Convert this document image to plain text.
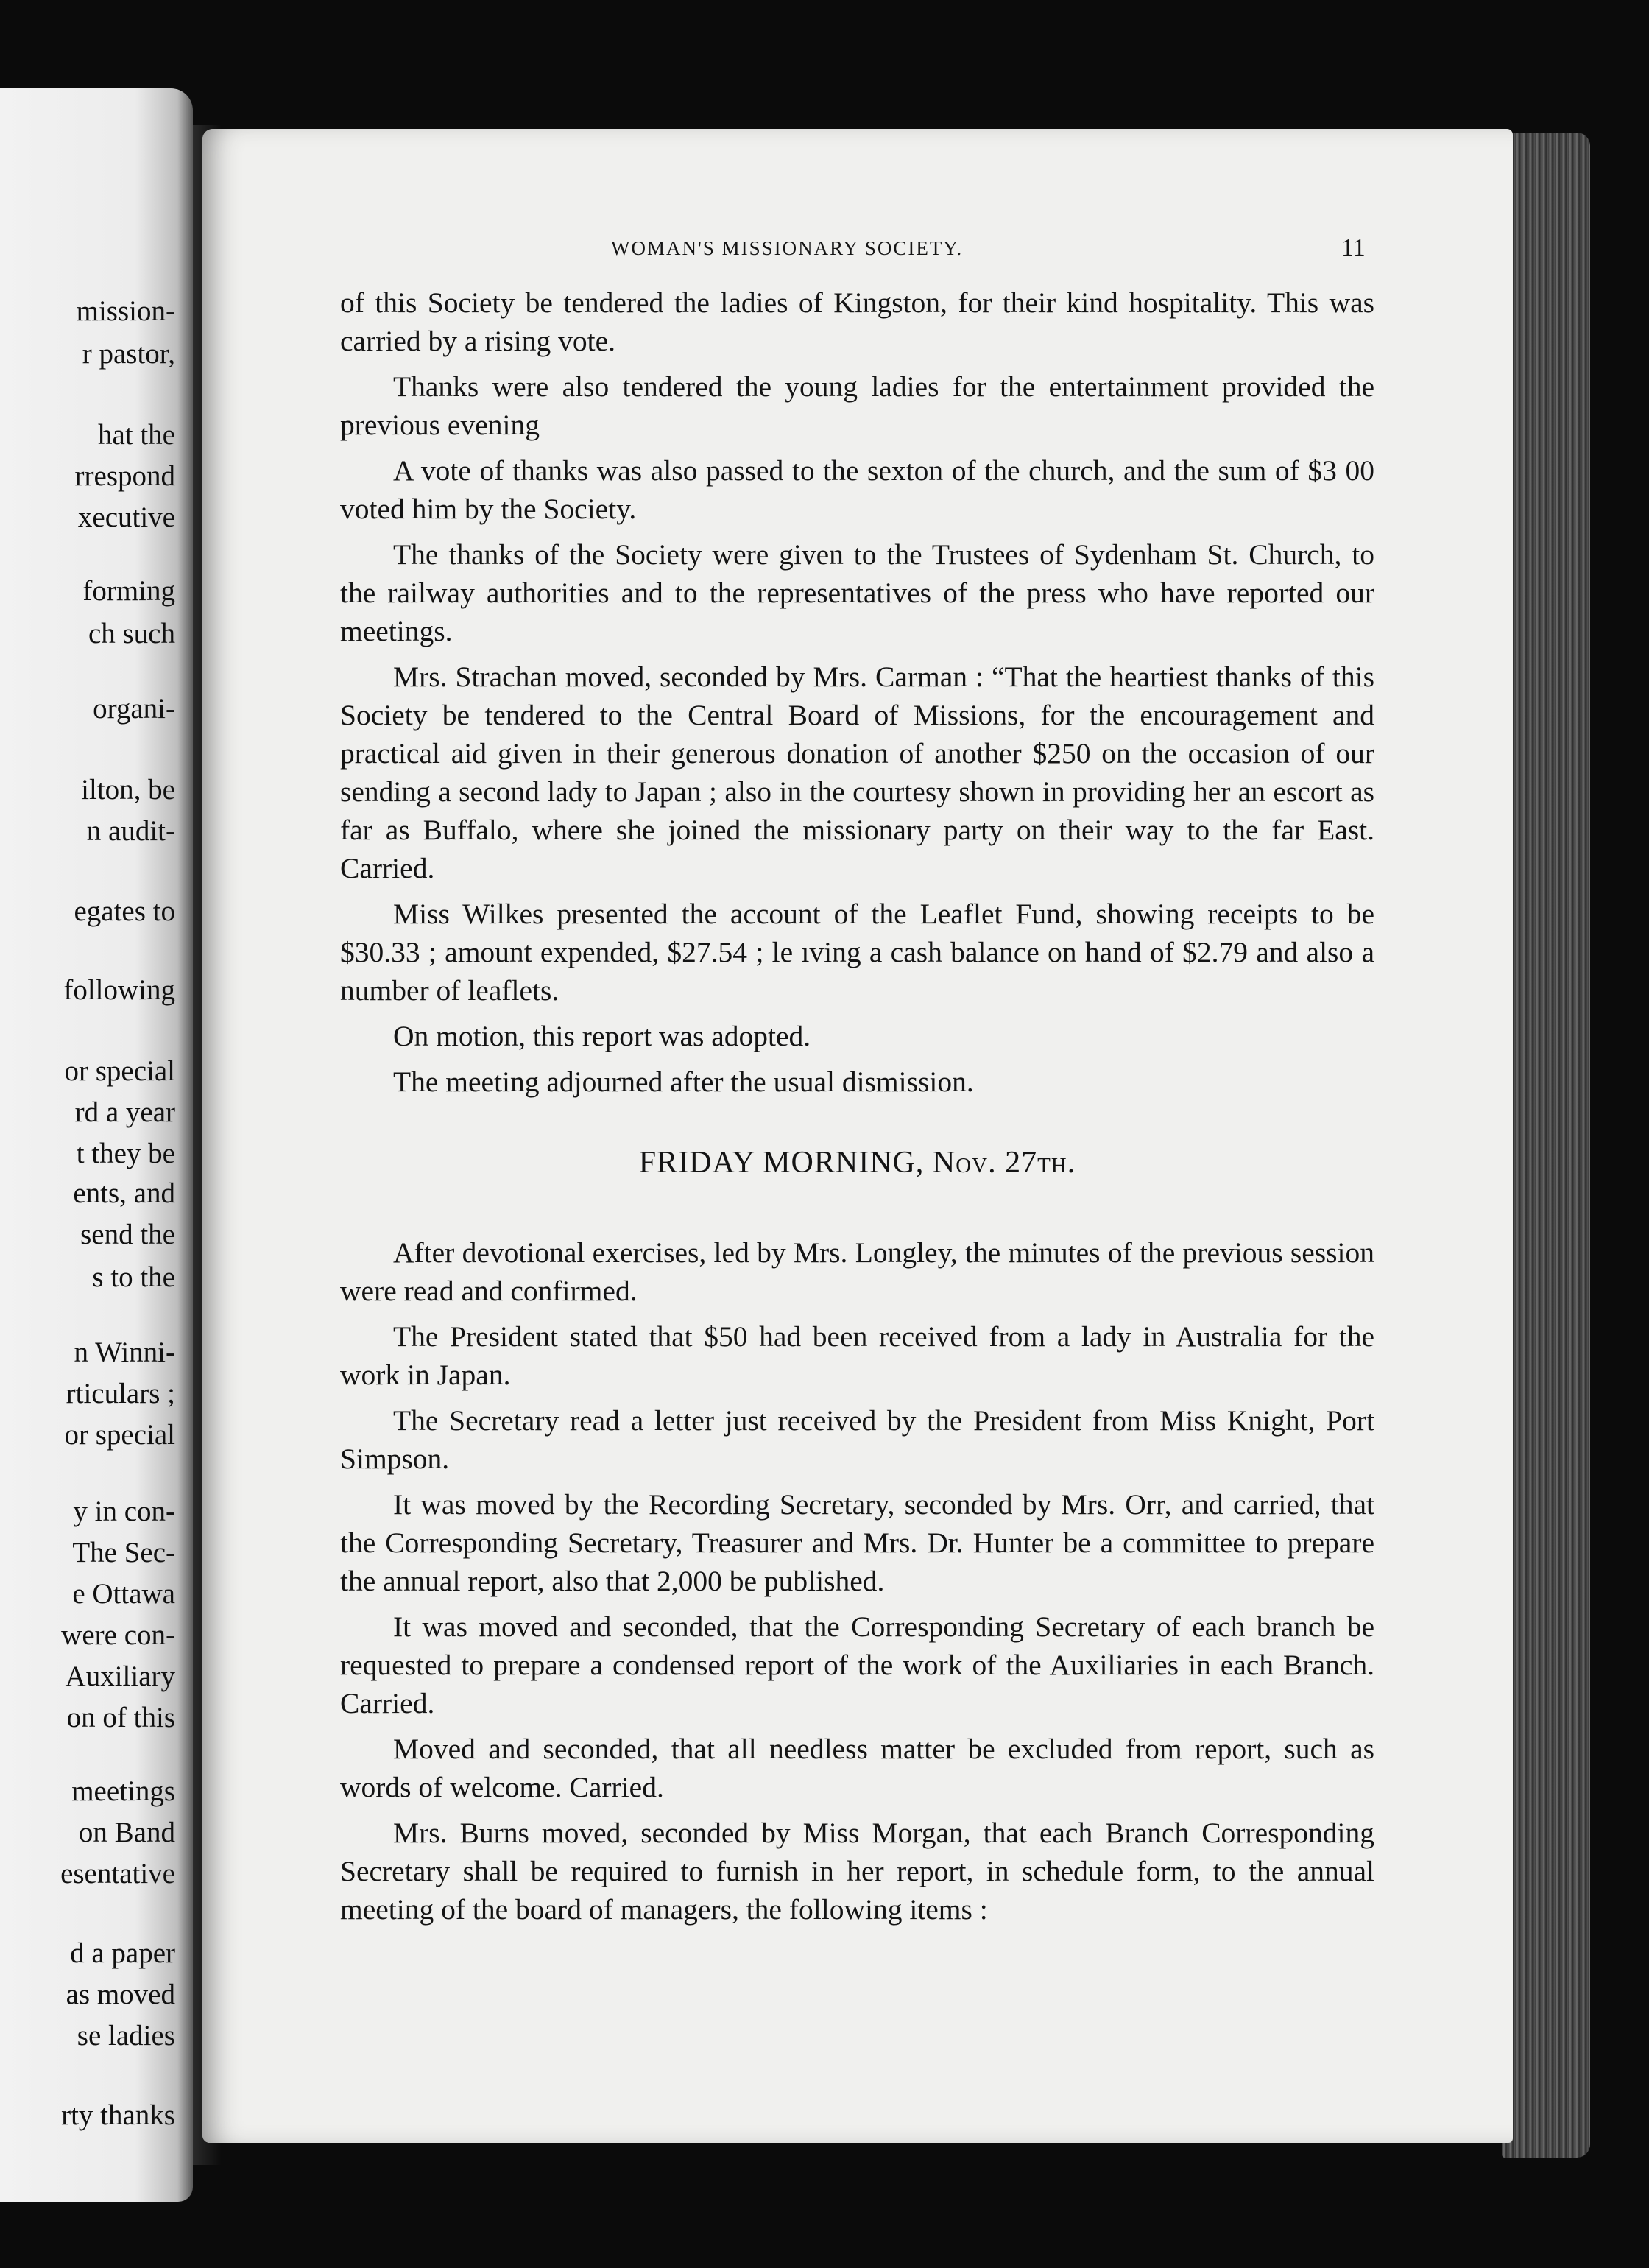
mission-
r pastor,
hat the
rrespond
xecutive
forming
ch such
organi-
ilton, be
n audit-
egates to
following
or special
rd a year
t they be
ents, and
send the
s to the
n Winni-
rticulars ;
or special
y in con-
The Sec-
e Ottawa
were con-
Auxiliary
on of this
meetings
on Band
esentative
d a paper
as moved
se ladies
rty thanks
WOMAN'S MISSIONARY SOCIETY.	11

of this Society be tendered the ladies of Kingston, for their kind hospitality. This was carried by a rising vote.

Thanks were also tendered the young ladies for the entertainment provided the previous evening

A vote of thanks was also passed to the sexton of the church, and the sum of $3 00 voted him by the Society.

The thanks of the Society were given to the Trustees of Sydenham St. Church, to the railway authorities and to the representatives of the press who have reported our meetings.

Mrs. Strachan moved, seconded by Mrs. Carman : “That the heartiest thanks of this Society be tendered to the Central Board of Missions, for the encouragement and practical aid given in their generous donation of another $250 on the occasion of our sending a second lady to Japan ; also in the courtesy shown in providing her an escort as far as Buffalo, where she joined the missionary party on their way to the far East. Carried.

Miss Wilkes presented the account of the Leaflet Fund, showing receipts to be $30.33 ; amount expended, $27.54 ; le ıving a cash balance on hand of $2.79 and also a number of leaflets.

On motion, this report was adopted.

The meeting adjourned after the usual dismission.

FRIDAY MORNING, Nov. 27th.

After devotional exercises, led by Mrs. Longley, the minutes of the previous session were read and confirmed.

The President stated that $50 had been received from a lady in Australia for the work in Japan.

The Secretary read a letter just received by the President from Miss Knight, Port Simpson.

It was moved by the Recording Secretary, seconded by Mrs. Orr, and carried, that the Corresponding Secretary, Treasurer and Mrs. Dr. Hunter be a committee to prepare the annual report, also that 2,000 be published.

It was moved and seconded, that the Corresponding Secretary of each branch be requested to prepare a condensed report of the work of the Auxiliaries in each Branch. Carried.

Moved and seconded, that all needless matter be excluded from report, such as words of welcome. Carried.

Mrs. Burns moved, seconded by Miss Morgan, that each Branch Corresponding Secretary shall be required to furnish in her report, in schedule form, to the annual meeting of the board of managers, the following items :
